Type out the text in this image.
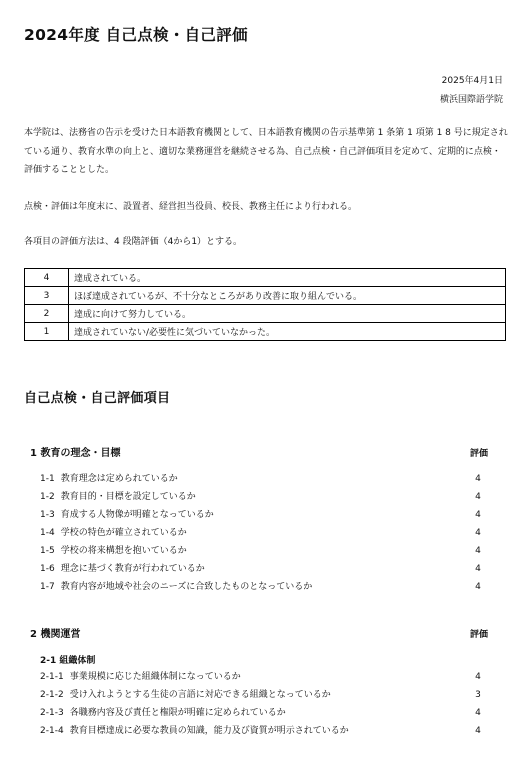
2024年度 自己点検・自己評価
2025年4月1日
横浜国際語学院
本学院は、法務省の告示を受けた日本語教育機関として、日本語教育機関の告示基準第 1 条第 1 項第 1 8 号に規定されている通り、教育水準の向上と、適切な業務運営を継続させる為、自己点検・自己評価項目を定めて、定期的に点検・評価することとした。
点検・評価は年度末に、設置者、経営担当役員、校長、教務主任により行われる。
各項目の評価方法は、4 段階評価（4から1）とする。
4	達成されている。
3	ほぼ達成されているが、不十分なところがあり改善に取り組んでいる。
2	達成に向けて努力している。
1	達成されていない/必要性に気づいていなかった。
自己点検・自己評価項目
1 教育の理念・目標	評価
1-1 教育理念は定められているか	4
1-2 教育目的・目標を設定しているか	4
1-3 育成する人物像が明確となっているか	4
1-4 学校の特色が確立されているか	4
1-5 学校の将来構想を抱いているか	4
1-6 理念に基づく教育が行われているか	4
1-7 教育内容が地域や社会のニーズに合致したものとなっているか	4
2 機関運営	評価
2-1 組織体制
2-1-1 事業規模に応じた組織体制になっているか	4
2-1-2 受け入れようとする生徒の言語に対応できる組織となっているか	3
2-1-3 各職務内容及び責任と権限が明確に定められているか	4
2-1-4 教育目標達成に必要な教員の知識，能力及び資質が明示されているか	4
